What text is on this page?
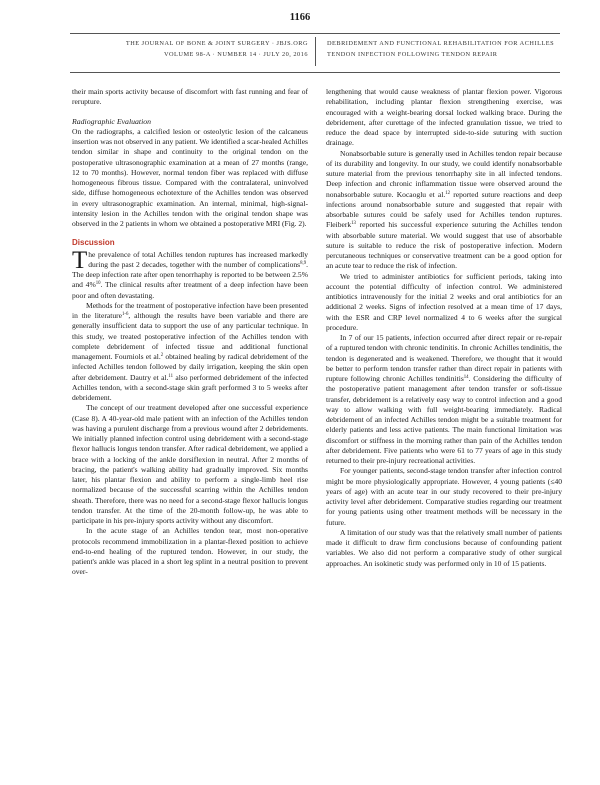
1166
THE JOURNAL OF BONE & JOINT SURGERY · JBJS.ORG
VOLUME 98-A · NUMBER 14 · JULY 20, 2016
DEBRIDEMENT AND FUNCTIONAL REHABILITATION FOR ACHILLES
TENDON INFECTION FOLLOWING TENDON REPAIR

their main sports activity because of discomfort with fast running and fear of rerupture.

Radiographic Evaluation

On the radiographs, a calcified lesion or osteolytic lesion of the calcaneus insertion was not observed in any patient. We identified a scar-healed Achilles tendon similar in shape and continuity to the original tendon on the postoperative ultrasonographic examination at a mean of 27 months (range, 12 to 70 months). However, normal tendon fiber was replaced with diffuse homogeneous fibrous tissue. Compared with the contralateral, uninvolved side, diffuse homogeneous echotexture of the Achilles tendon was observed in every ultrasonographic examination. An internal, minimal, high-signal-intensity lesion in the Achilles tendon with the original tendon shape was observed in the 2 patients in whom we obtained a postoperative MRI (Fig. 2).

Discussion

The prevalence of total Achilles tendon ruptures has increased markedly during the past 2 decades, together with the number of complications$^{8,9}$. The deep infection rate after open tenorrhaphy is reported to be between 2.5% and 4%$^{10}$. The clinical results after treatment of a deep infection have been poor and often devastating.

Methods for the treatment of postoperative infection have been presented in the literature$^{1-6}$, although the results have been variable and there are generally insufficient data to support the use of any particular technique. In this study, we treated postoperative infection of the Achilles tendon with complete debridement of infected tissue and additional functional management. Fourniols et al.$^2$ obtained healing by radical debridement of the infected Achilles tendon followed by daily irrigation, keeping the skin open after debridement. Dautry et al.$^{11}$ also performed debridement of the infected Achilles tendon, with a second-stage skin graft performed 3 to 5 weeks after debridement.

The concept of our treatment developed after one successful experience (Case 8). A 40-year-old male patient with an infection of the Achilles tendon was having a purulent discharge from a previous wound after 2 debridements. We initially planned infection control using debridement with a second-stage flexor hallucis longus tendon transfer. After radical debridement, we applied a brace with a locking of the ankle dorsiflexion in neutral. After 2 months of bracing, the patient's walking ability had gradually improved. Six months later, his plantar flexion and ability to perform a single-limb heel rise normalized because of the successful scarring within the Achilles tendon sheath. Therefore, there was no need for a second-stage flexor hallucis longus tendon transfer. At the time of the 20-month follow-up, he was able to participate in his pre-injury sports activity without any discomfort.

In the acute stage of an Achilles tendon tear, most non-operative protocols recommend immobilization in a plantar-flexed position to achieve end-to-end healing of the ruptured tendon. However, in our study, the patient's ankle was placed in a short leg splint in a neutral position to prevent over-

lengthening that would cause weakness of plantar flexion power. Vigorous rehabilitation, including plantar flexion strengthening exercise, was encouraged with a weight-bearing dorsal locked walking brace. During the debridement, after curettage of the infected granulation tissue, we tried to reduce the dead space by interrupted side-to-side suturing with suction drainage.

Nonabsorbable suture is generally used in Achilles tendon repair because of its durability and longevity. In our study, we could identify nonabsorbable suture material from the previous tenorrhaphy site in all infected tendons. Deep infection and chronic inflammation tissue were observed around the nonabsorbable suture. Kocaoglu et al.$^{12}$ reported suture reactions and deep infections around nonabsorbable suture and suggested that repair with absorbable sutures could be safely used for Achilles tendon ruptures. Fleiberk$^{13}$ reported his successful experience suturing the Achilles tendon with absorbable suture material. We would suggest that use of absorbable suture is suitable to reduce the risk of postoperative infection. Modern percutaneous techniques or conservative treatment can be a good option for an acute tear to reduce the risk of infection.

We tried to administer antibiotics for sufficient periods, taking into account the potential difficulty of infection control. We administered antibiotics intravenously for the initial 2 weeks and oral antibiotics for an additional 2 weeks. Signs of infection resolved at a mean time of 17 days, with the ESR and CRP level normalized 4 to 6 weeks after the surgical procedure.

In 7 of our 15 patients, infection occurred after direct repair or re-repair of a ruptured tendon with chronic tendinitis. In chronic Achilles tendinitis, the tendon is degenerated and is weakened. Therefore, we thought that it would be better to perform tendon transfer rather than direct repair in patients with rupture following chronic Achilles tendinitis$^{14}$. Considering the difficulty of the postoperative patient management after tendon transfer or soft-tissue transfer, debridement is a relatively easy way to control infection and a good way to allow walking with full weight-bearing immediately. Radical debridement of an infected Achilles tendon might be a suitable treatment for elderly patients and less active patients. The main functional limitation was discomfort or stiffness in the morning rather than pain of the Achilles tendon after debridement. Five patients who were 61 to 77 years of age in this study returned to their pre-injury recreational activities.

For younger patients, second-stage tendon transfer after infection control might be more physiologically appropriate. However, 4 young patients (≤40 years of age) with an acute tear in our study recovered to their pre-injury activity level after debridement. Comparative studies regarding our treatment for young patients using other treatment methods will be necessary in the future.

A limitation of our study was that the relatively small number of patients made it difficult to draw firm conclusions because of confounding patient variables. We also did not perform a comparative study of other surgical approaches. An isokinetic study was performed only in 10 of 15 patients.
